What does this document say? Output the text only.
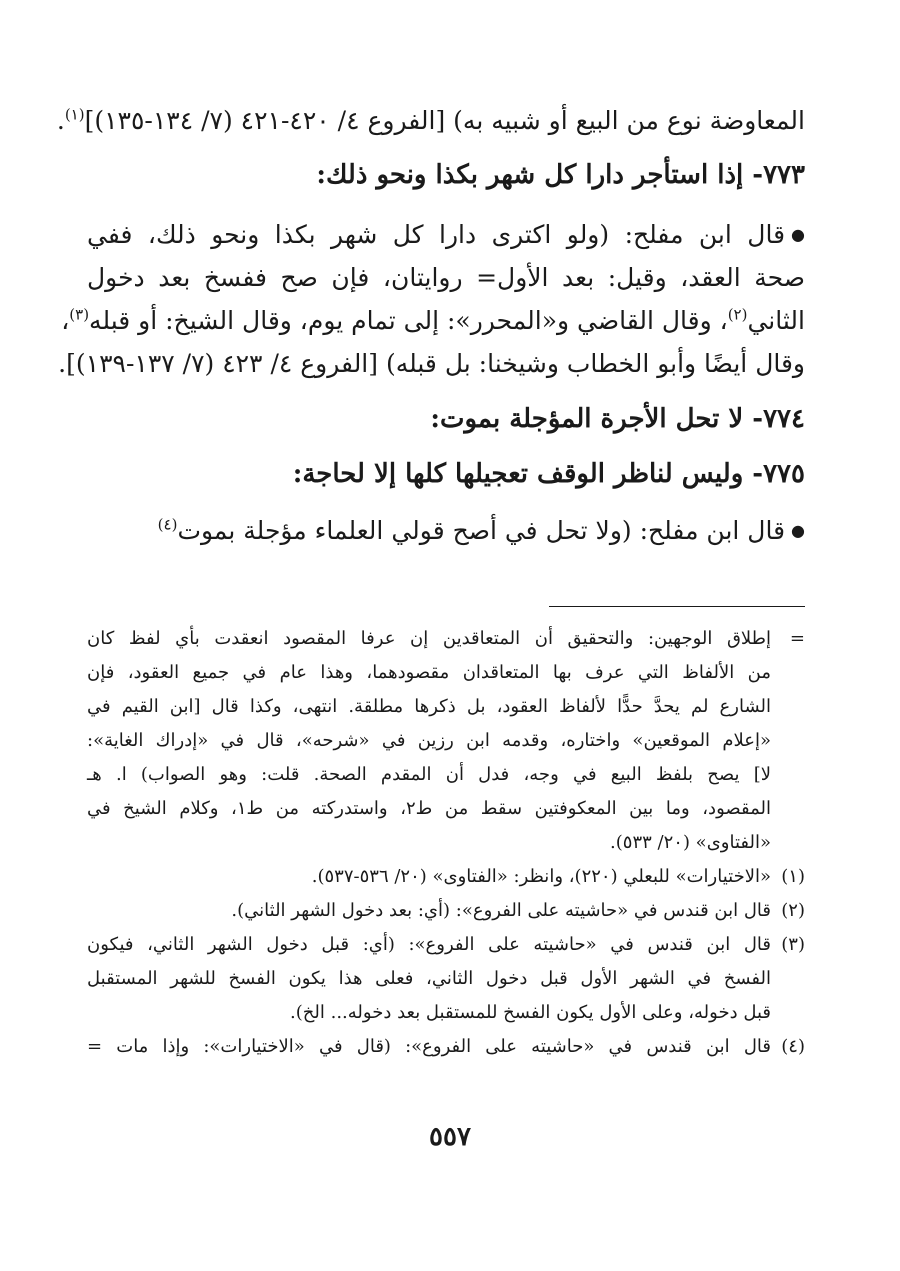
المعاوضة نوع من البيع أو شبيه به) [الفروع ٤/ ٤٢٠-٤٢١ (٧/ ١٣٤-١٣٥)]$^{(١)}$.
٧٧٣- إذا استأجر دارا كل شهر بكذا ونحو ذلك:
●قال ابن مفلح: (ولو اكترى دارا كل شهر بكذا ونحو ذلك، ففي
صحة العقد، وقيل: بعد الأول= روايتان، فإن صح ففسخ بعد دخول
الثاني$^{(٢)}$، وقال القاضي و«المحرر»: إلى تمام يوم، وقال الشيخ: أو قبله$^{(٣)}$،
وقال أيضًا وأبو الخطاب وشيخنا: بل قبله) [الفروع ٤/ ٤٢٣ (٧/ ١٣٧-١٣٩)].
٧٧٤- لا تحل الأجرة المؤجلة بموت:
٧٧٥- وليس لناظر الوقف تعجيلها كلها إلا لحاجة:
●قال ابن مفلح: (ولا تحل في أصح قولي العلماء مؤجلة بموت$^{(٤)}$
=إطلاق الوجهين: والتحقيق أن المتعاقدين إن عرفا المقصود انعقدت بأي لفظ كان
من الألفاظ التي عرف بها المتعاقدان مقصودهما، وهذا عام في جميع العقود، فإن
الشارع لم يحدَّ حدًّا لألفاظ العقود، بل ذكرها مطلقة. انتهى، وكذا قال [ابن القيم في
«إعلام الموقعين» واختاره، وقدمه ابن رزين في «شرحه»، قال في «إدراك الغاية»:
لا] يصح بلفظ البيع في وجه، فدل أن المقدم الصحة. قلت: وهو الصواب) ا. هـ
المقصود، وما بين المعكوفتين سقط من ط٢، واستدركته من ط١، وكلام الشيخ في
«الفتاوى» (٢٠/ ٥٣٣).
(١)«الاختيارات» للبعلي (٢٢٠)، وانظر: «الفتاوى» (٢٠/ ٥٣٦-٥٣٧).
(٢)قال ابن قندس في «حاشيته على الفروع»: (أي: بعد دخول الشهر الثاني).
(٣)قال ابن قندس في «حاشيته على الفروع»: (أي: قبل دخول الشهر الثاني، فيكون
الفسخ في الشهر الأول قبل دخول الثاني، فعلى هذا يكون الفسخ للشهر المستقبل
قبل دخوله، وعلى الأول يكون الفسخ للمستقبل بعد دخوله... الخ).
(٤)قال ابن قندس في «حاشيته على الفروع»: (قال في «الاختيارات»: وإذا مات =
٥٥٧
